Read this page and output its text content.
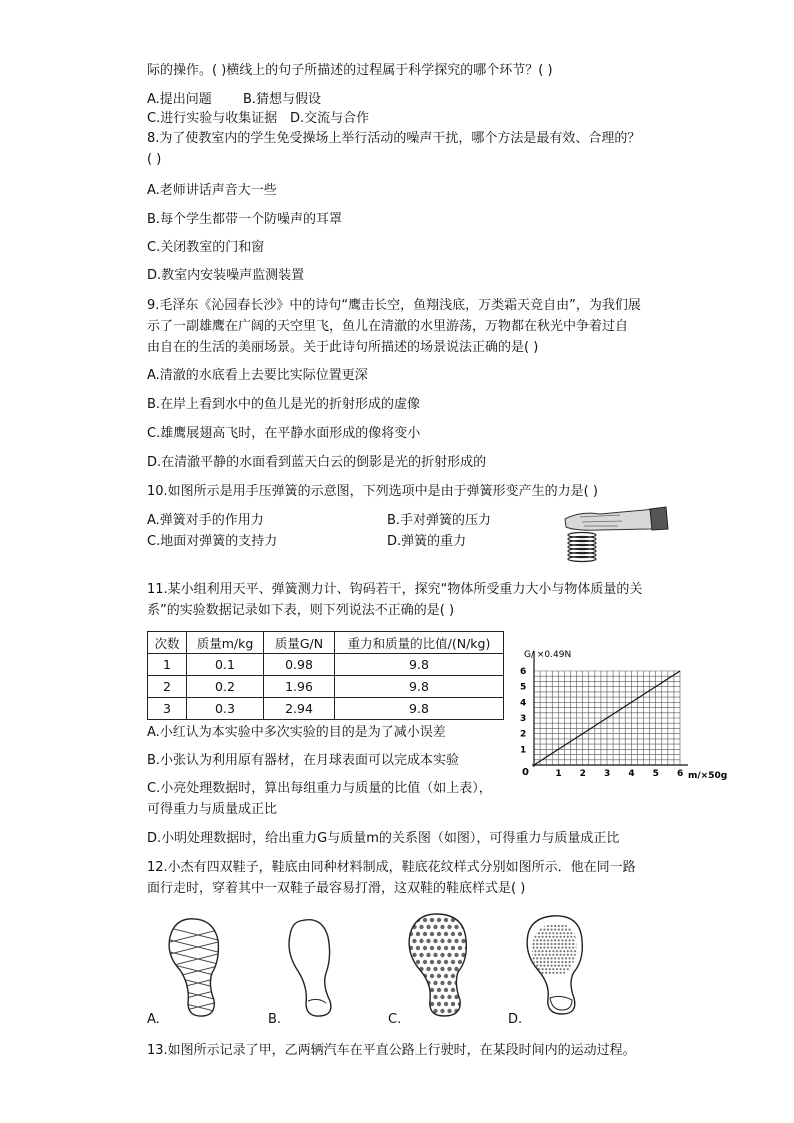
际的操作。( )横线上的句子所描述的过程属于科学探究的哪个环节？( )
A.提出问题 B.猜想与假设
C.进行实验与收集证据 D.交流与合作
8.为了使教室内的学生免受操场上举行活动的噪声干扰，哪个方法是最有效、合理的？
( )
A.老师讲话声音大一些
B.每个学生都带一个防噪声的耳罩
C.关闭教室的门和窗
D.教室内安装噪声监测装置
9.毛泽东《沁园春长沙》中的诗句“鹰击长空，鱼翔浅底，万类霜天竞自由”，为我们展
示了一副雄鹰在广阔的天空里飞，鱼儿在清澈的水里游荡，万物都在秋光中争着过自
由自在的生活的美丽场景。关于此诗句所描述的场景说法正确的是( )
A.清澈的水底看上去要比实际位置更深
B.在岸上看到水中的鱼儿是光的折射形成的虚像
C.雄鹰展翅高飞时，在平静水面形成的像将变小
D.在清澈平静的水面看到蓝天白云的倒影是光的折射形成的
10.如图所示是用手压弹簧的示意图，下列选项中是由于弹簧形变产生的力是( )
A.弹簧对手的作用力	B.手对弹簧的压力
C.地面对弹簧的支持力	D.弹簧的重力
11.某小组利用天平、弹簧测力计、钩码若干，探究“物体所受重力大小与物体质量的关
系”的实验数据记录如下表，则下列说法不正确的是( )
次数	质量m/kg	质量G/N	重力和质量的比值/(N/kg)
1	0.1	0.98	9.8
2	0.2	1.96	9.8
3	0.3	2.94	9.8
G/ ×0.49N
1
2
3
4
5
6
1 2 3 4 5 6
0	m/×50g
A.小红认为本实验中多次实验的目的是为了减小误差
B.小张认为利用原有器材，在月球表面可以完成本实验
C.小亮处理数据时，算出每组重力与质量的比值（如上表），
可得重力与质量成正比
D.小明处理数据时，给出重力G与质量m的关系图（如图），可得重力与质量成正比
12.小杰有四双鞋子，鞋底由同种材料制成，鞋底花纹样式分别如图所示．他在同一路
面行走时，穿着其中一双鞋子最容易打滑，这双鞋的鞋底样式是( )
A.	B.	C.	D.
13.如图所示记录了甲，乙两辆汽车在平直公路上行驶时，在某段时间内的运动过程。
